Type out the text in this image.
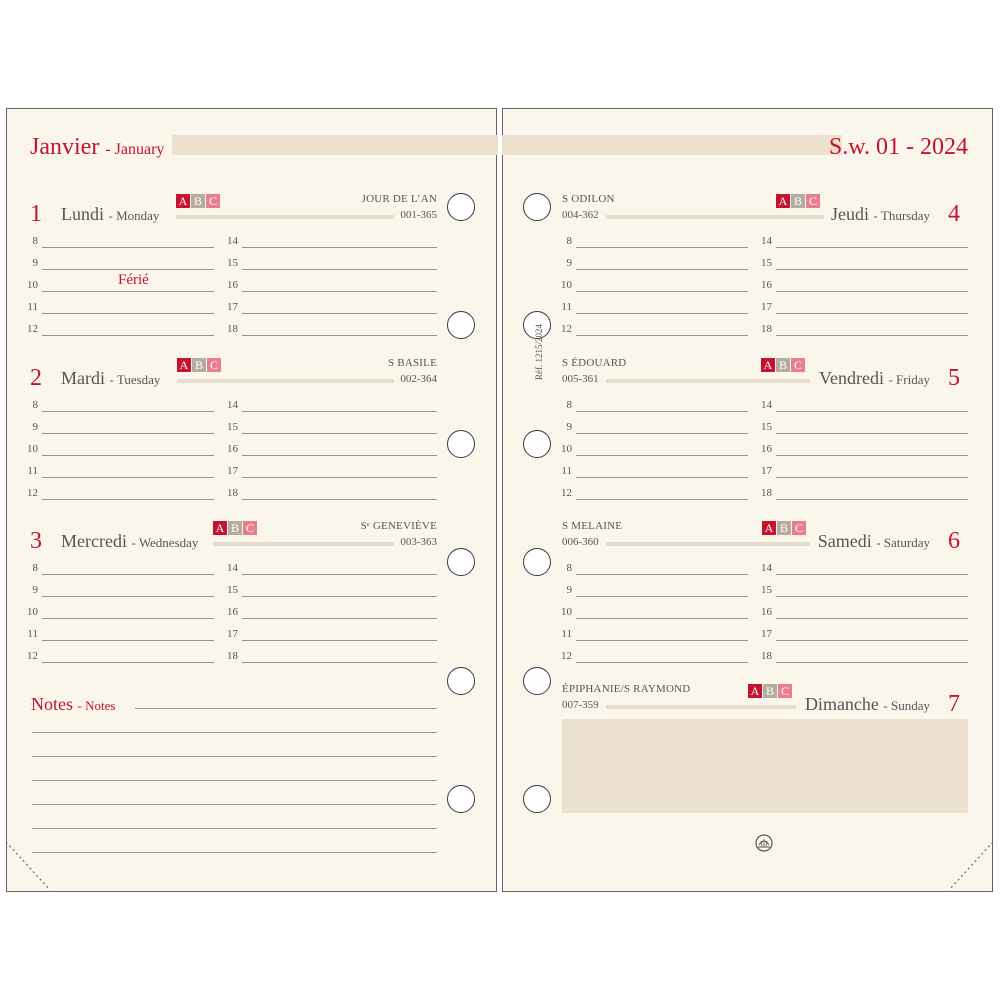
Janvier - January	S.w. 01 - 2024
1 Lundi - Monday
A B C	JOUR DE L’AN
001-365
Férié
2 Mardi - Tuesday
A B C	S BASILE
002-364
3 Mercredi - Wednesday
A B C	Sᵉ GENEVIÈVE
003-363
S ODILON
004-362
A B C
Jeudi - Thursday 4
S ÉDOUARD
005-361
A B C
Vendredi - Friday 5
S MELAINE
006-360
A B C
Samedi - Saturday 6
ÉPIPHANIE/S RAYMOND
007-359
A B C
Dimanche - Sunday 7
8
9
10
11
12
14
15
16
17
18
8
9
10
11
12
14
15
16
17
18
8
9
10
11
12
14
15
16
17
18
8
9
10
11
12
14
15
16
17
18
8
9
10
11
12
14
15
16
17
18
8
9
10
11
12
14
15
16
17
18
Notes - Notes
Réf. 1215/2024
